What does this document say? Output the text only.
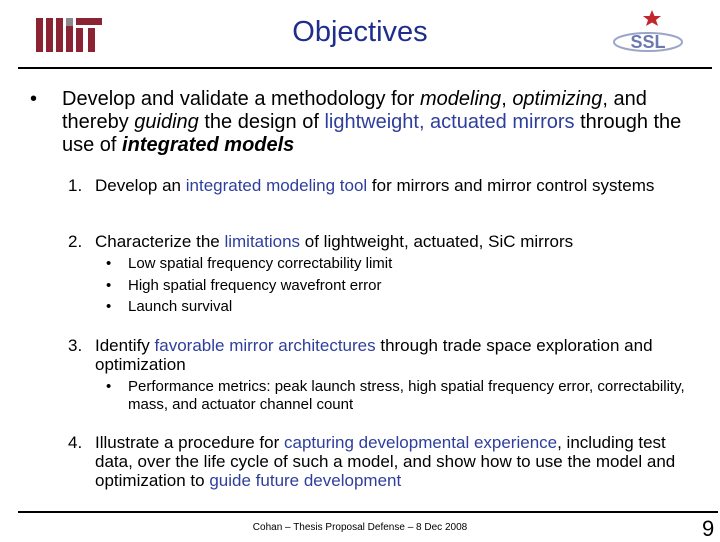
Objectives	SSL
• Develop and validate a methodology for modeling, optimizing, and thereby guiding the design of lightweight, actuated mirrors through the use of integrated models
1. Develop an integrated modeling tool for mirrors and mirror control systems
2. Characterize the limitations of lightweight, actuated, SiC mirrors
• Low spatial frequency correctability limit
• High spatial frequency wavefront error
• Launch survival
3. Identify favorable mirror architectures through trade space exploration and optimization
• Performance metrics: peak launch stress, high spatial frequency error, correctability, mass, and actuator channel count
4. Illustrate a procedure for capturing developmental experience, including test data, over the life cycle of such a model, and show how to use the model and optimization to guide future development
Cohan – Thesis Proposal Defense – 8 Dec 2008	9
